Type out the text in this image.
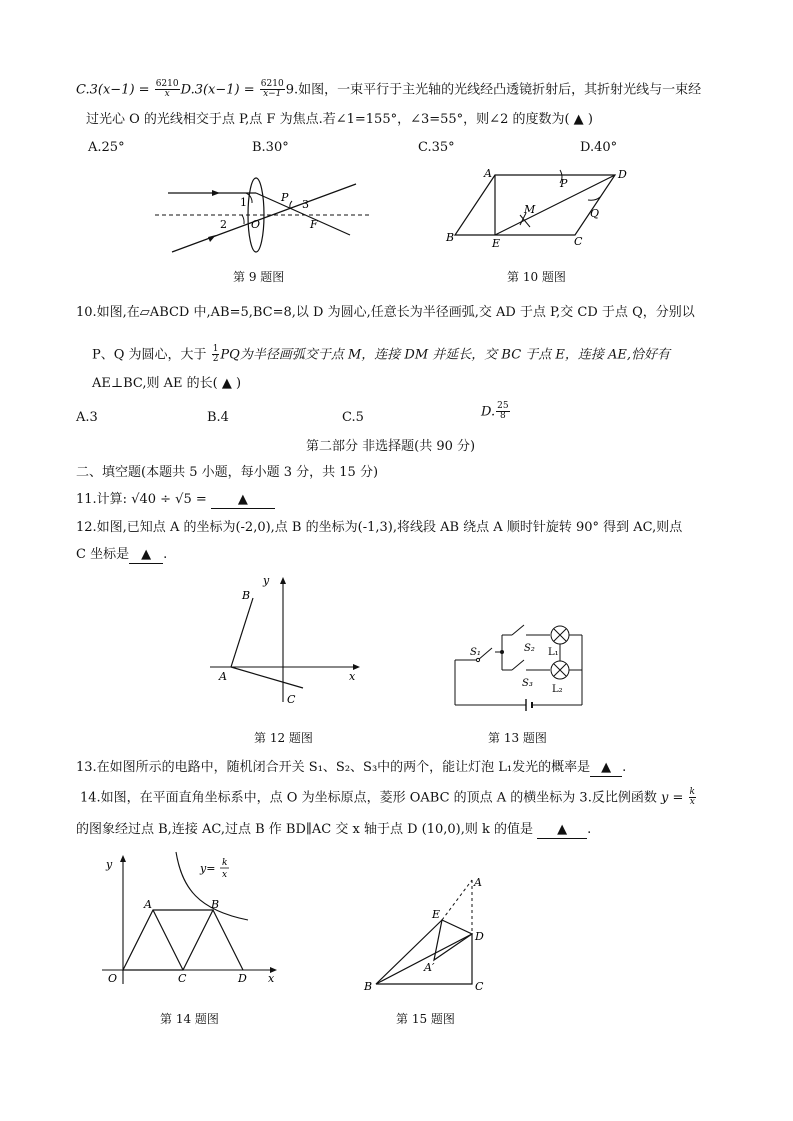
$C.3(x-1) = \frac{6210}{x} D.3(x-1) = \frac{6210}{x-1} 9$.如图，一束平行于主光轴的光线经凸透镜折射后，其折射光线与一束经
过光心 O 的光线相交于点 P,点 F 为焦点.若∠1=155°，∠3=55°，则∠2 的度数为( ▲ )
A.25°	B.30°	C.35°	D.40°
1
2
3
P
O	F
第 9 题图
A
P
D
M	Q
B	E	C
第 10 题图
10.如图,在▱ABCD 中,AB=5,BC=8,以 D 为圆心,任意长为半径画弧,交 AD 于点 P,交 CD 于点 Q，分别以
P、Q 为圆心，大于 $\frac{1}{2}$ PQ为半径画弧交于点 M，连接 DM 并延长，交 BC 于点 E，连接 AE,恰好有
AE⊥BC,则 AE 的长( ▲ )
A.3	B.4	C.5	D. $\frac{25}{8}$
第二部分 非选择题(共 90 分)
二、填空题(本题共 5 小题，每小题 3 分，共 15 分)
11.计算: √40 ÷ √5 = ▲
12.如图,已知点 A 的坐标为(-2,0),点 B 的坐标为(-1,3),将线段 AB 绕点 A 顺时针旋转 90° 得到 AC,则点
C 坐标是 ▲ .
y
B
A	x
C
第 12 题图
S₁	S₂
S₃
L₁
L₂
第 13 题图
13.在如图所示的电路中，随机闭合开关 S₁、S₂、S₃中的两个，能让灯泡 L₁发光的概率是 ▲ .
14.如图，在平面直角坐标系中，点 O 为坐标原点，菱形 OABC 的顶点 A 的横坐标为 3.反比例函数 $y = \frac{k}{x}$
的图象经过点 B,连接 AC,过点 B 作 BD∥AC 交 x 轴于点 D (10,0),则 k 的值是 ▲ .
y	y= k
x
A	B
O	C	D x
第 14 题图
A
E
D
A′
B	C
第 15 题图
